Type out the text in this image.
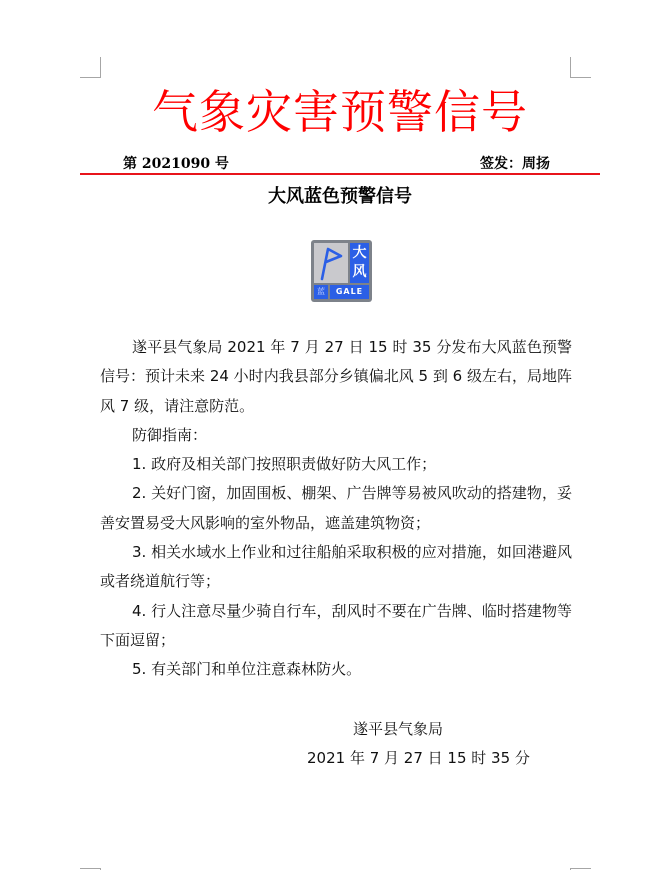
气象灾害预警信号
第 2021090 号	签发：周扬
大风蓝色预警信号
大
风
蓝	GALE

遂平县气象局 2021 年 7 月 27 日 15 时 35 分发布大风蓝色预警信号：预计未来 24 小时内我县部分乡镇偏北风 5 到 6 级左右，局地阵风 7 级，请注意防范。

防御指南：

1. 政府及相关部门按照职责做好防大风工作；

2. 关好门窗，加固围板、棚架、广告牌等易被风吹动的搭建物，妥善安置易受大风影响的室外物品，遮盖建筑物资；

3. 相关水域水上作业和过往船舶采取积极的应对措施，如回港避风或者绕道航行等；

4. 行人注意尽量少骑自行车，刮风时不要在广告牌、临时搭建物等下面逗留；

5. 有关部门和单位注意森林防火。

遂平县气象局
2021 年 7 月 27 日 15 时 35 分
